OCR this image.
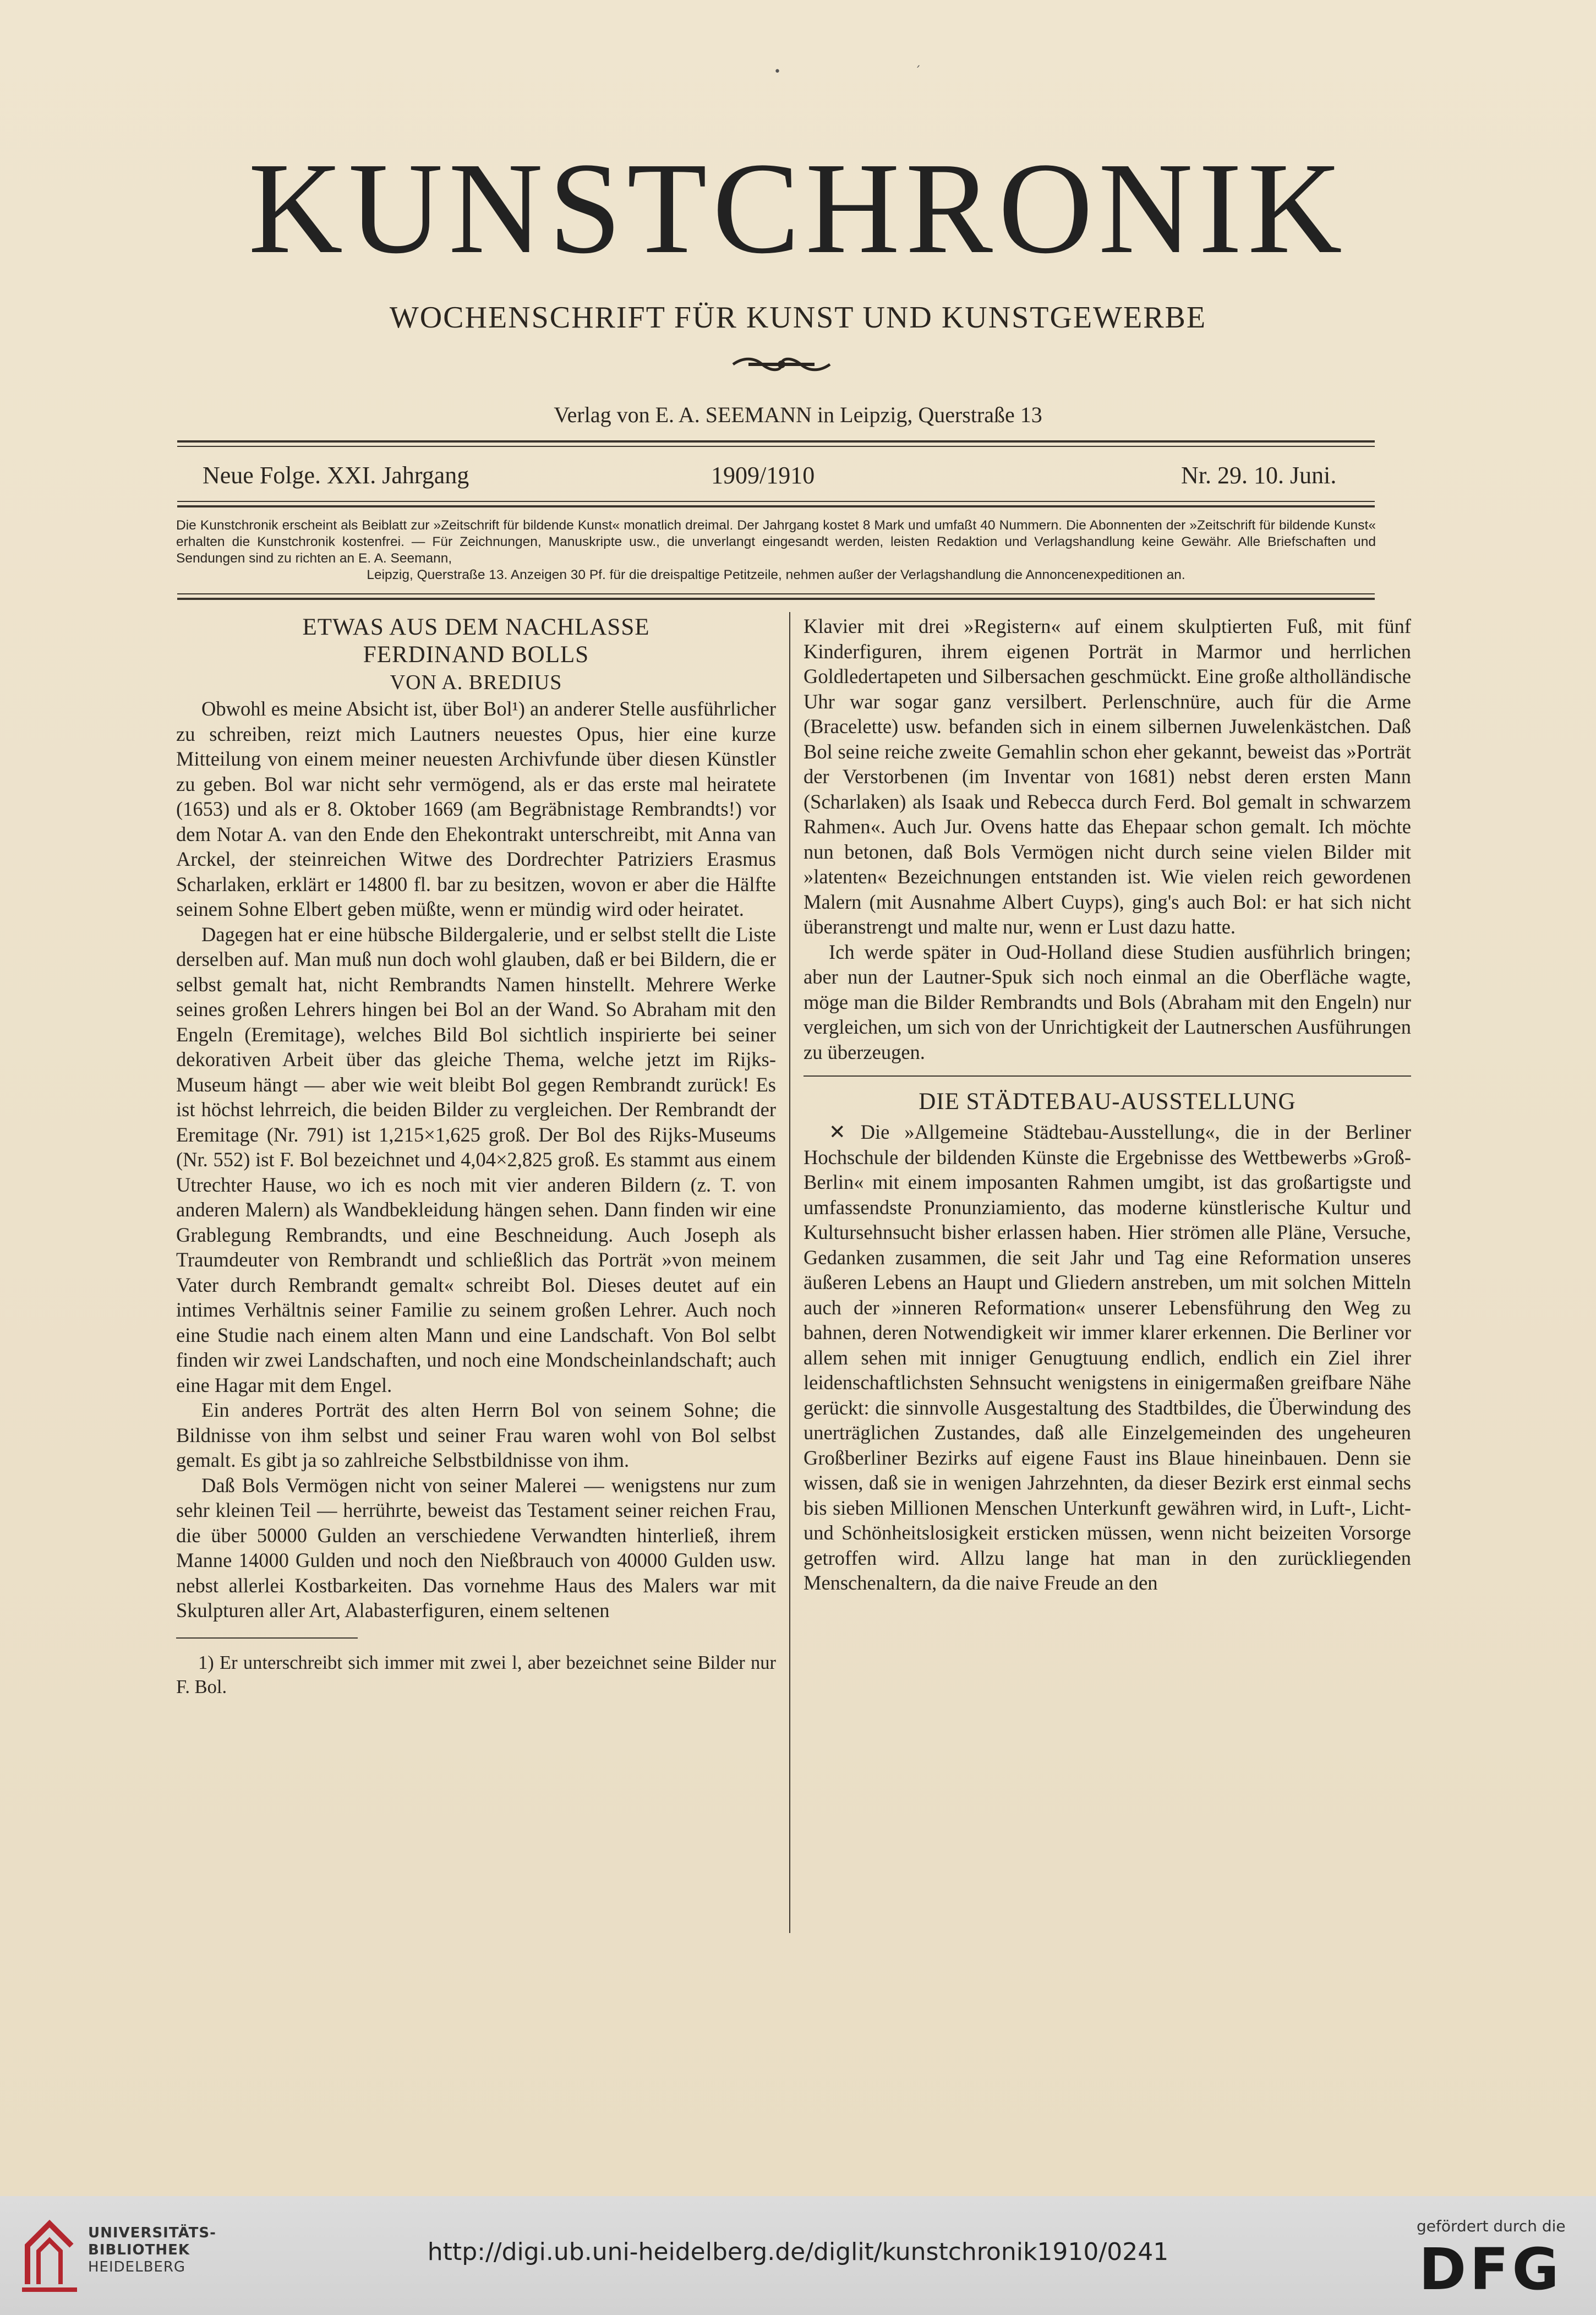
•	ˊ
KUNSTCHRONIK
WOCHENSCHRIFT FÜR KUNST UND KUNSTGEWERBE
Verlag von E. A. SEEMANN in Leipzig, Querstraße 13
Neue Folge. XXI. Jahrgang	1909/1910	Nr. 29. 10. Juni.
Die Kunstchronik erscheint als Beiblatt zur »Zeitschrift für bildende Kunst« monatlich dreimal. Der Jahrgang kostet 8 Mark und umfaßt 40 Nummern. Die Abonnenten der »Zeitschrift für bildende Kunst« erhalten die Kunstchronik kostenfrei. — Für Zeichnungen, Manuskripte usw., die unverlangt eingesandt werden, leisten Redaktion und Verlagshandlung keine Gewähr. Alle Briefschaften und Sendungen sind zu richten an E. A. Seemann,
Leipzig, Querstraße 13. Anzeigen 30 Pf. für die dreispaltige Petitzeile, nehmen außer der Verlagshandlung die Annoncenexpeditionen an.
ETWAS AUS DEM NACHLASSE
FERDINAND BOLLS
VON A. BREDIUS

Obwohl es meine Absicht ist, über Bol¹) an anderer Stelle ausführlicher zu schreiben, reizt mich Lautners neuestes Opus, hier eine kurze Mitteilung von einem meiner neuesten Archivfunde über diesen Künstler zu geben. Bol war nicht sehr vermögend, als er das erste mal heiratete (1653) und als er 8. Oktober 1669 (am Begräbnistage Rembrandts!) vor dem Notar A. van den Ende den Ehekontrakt unterschreibt, mit Anna van Arckel, der steinreichen Witwe des Dordrechter Patriziers Erasmus Scharlaken, erklärt er 14800 fl. bar zu besitzen, wovon er aber die Hälfte seinem Sohne Elbert geben müßte, wenn er mündig wird oder heiratet.

Dagegen hat er eine hübsche Bildergalerie, und er selbst stellt die Liste derselben auf. Man muß nun doch wohl glauben, daß er bei Bildern, die er selbst gemalt hat, nicht Rembrandts Namen hinstellt. Mehrere Werke seines großen Lehrers hingen bei Bol an der Wand. So Abraham mit den Engeln (Eremitage), welches Bild Bol sichtlich inspirierte bei seiner dekorativen Arbeit über das gleiche Thema, welche jetzt im Rijks-Museum hängt — aber wie weit bleibt Bol gegen Rembrandt zurück! Es ist höchst lehrreich, die beiden Bilder zu vergleichen. Der Rembrandt der Eremitage (Nr. 791) ist 1,215×1,625 groß. Der Bol des Rijks-Museums (Nr. 552) ist F. Bol bezeichnet und 4,04×2,825 groß. Es stammt aus einem Utrechter Hause, wo ich es noch mit vier anderen Bildern (z. T. von anderen Malern) als Wandbekleidung hängen sehen. Dann finden wir eine Grablegung Rembrandts, und eine Beschneidung. Auch Joseph als Traumdeuter von Rembrandt und schließlich das Porträt »von meinem Vater durch Rembrandt gemalt« schreibt Bol. Dieses deutet auf ein intimes Verhältnis seiner Familie zu seinem großen Lehrer. Auch noch eine Studie nach einem alten Mann und eine Landschaft. Von Bol selbt finden wir zwei Landschaften, und noch eine Mondscheinlandschaft; auch eine Hagar mit dem Engel.

Ein anderes Porträt des alten Herrn Bol von seinem Sohne; die Bildnisse von ihm selbst und seiner Frau waren wohl von Bol selbst gemalt. Es gibt ja so zahlreiche Selbstbildnisse von ihm.

Daß Bols Vermögen nicht von seiner Malerei — wenigstens nur zum sehr kleinen Teil — herrührte, beweist das Testament seiner reichen Frau, die über 50000 Gulden an verschiedene Verwandten hinterließ, ihrem Manne 14000 Gulden und noch den Nießbrauch von 40000 Gulden usw. nebst allerlei Kostbarkeiten. Das vornehme Haus des Malers war mit Skulpturen aller Art, Alabasterfiguren, einem seltenen

1) Er unterschreibt sich immer mit zwei l, aber bezeichnet seine Bilder nur F. Bol.

Klavier mit drei »Registern« auf einem skulptierten Fuß, mit fünf Kinderfiguren, ihrem eigenen Porträt in Marmor und herrlichen Goldledertapeten und Silbersachen geschmückt. Eine große altholländische Uhr war sogar ganz versilbert. Perlenschnüre, auch für die Arme (Bracelette) usw. befanden sich in einem silbernen Juwelenkästchen. Daß Bol seine reiche zweite Gemahlin schon eher gekannt, beweist das »Porträt der Verstorbenen (im Inventar von 1681) nebst deren ersten Mann (Scharlaken) als Isaak und Rebecca durch Ferd. Bol gemalt in schwarzem Rahmen«. Auch Jur. Ovens hatte das Ehepaar schon gemalt. Ich möchte nun betonen, daß Bols Vermögen nicht durch seine vielen Bilder mit »latenten« Bezeichnungen entstanden ist. Wie vielen reich gewordenen Malern (mit Ausnahme Albert Cuyps), ging's auch Bol: er hat sich nicht überanstrengt und malte nur, wenn er Lust dazu hatte.

Ich werde später in Oud-Holland diese Studien ausführlich bringen; aber nun der Lautner-Spuk sich noch einmal an die Oberfläche wagte, möge man die Bilder Rembrandts und Bols (Abraham mit den Engeln) nur vergleichen, um sich von der Unrichtigkeit der Lautnerschen Ausführungen zu überzeugen.

DIE STÄDTEBAU-AUSSTELLUNG

✕ Die »Allgemeine Städtebau-Ausstellung«, die in der Berliner Hochschule der bildenden Künste die Ergebnisse des Wettbewerbs »Groß-Berlin« mit einem imposanten Rahmen umgibt, ist das großartigste und umfassendste Pronunziamiento, das moderne künstlerische Kultur und Kultursehnsucht bisher erlassen haben. Hier strömen alle Pläne, Versuche, Gedanken zusammen, die seit Jahr und Tag eine Reformation unseres äußeren Lebens an Haupt und Gliedern anstreben, um mit solchen Mitteln auch der »inneren Reformation« unserer Lebensführung den Weg zu bahnen, deren Notwendigkeit wir immer klarer erkennen. Die Berliner vor allem sehen mit inniger Genugtuung endlich, endlich ein Ziel ihrer leidenschaftlichsten Sehnsucht wenigstens in einigermaßen greifbare Nähe gerückt: die sinnvolle Ausgestaltung des Stadtbildes, die Überwindung des unerträglichen Zustandes, daß alle Einzelgemeinden des ungeheuren Großberliner Bezirks auf eigene Faust ins Blaue hineinbauen. Denn sie wissen, daß sie in wenigen Jahrzehnten, da dieser Bezirk erst einmal sechs bis sieben Millionen Menschen Unterkunft gewähren wird, in Luft-, Licht- und Schönheitslosigkeit ersticken müssen, wenn nicht beizeiten Vorsorge getroffen wird. Allzu lange hat man in den zurückliegenden Menschenaltern, da die naive Freude an den

UNIVERSITÄTS-
BIBLIOTHEK
HEIDELBERG
http://digi.ub.uni-heidelberg.de/diglit/kunstchronik1910/0241
gefördert durch die
DFG
